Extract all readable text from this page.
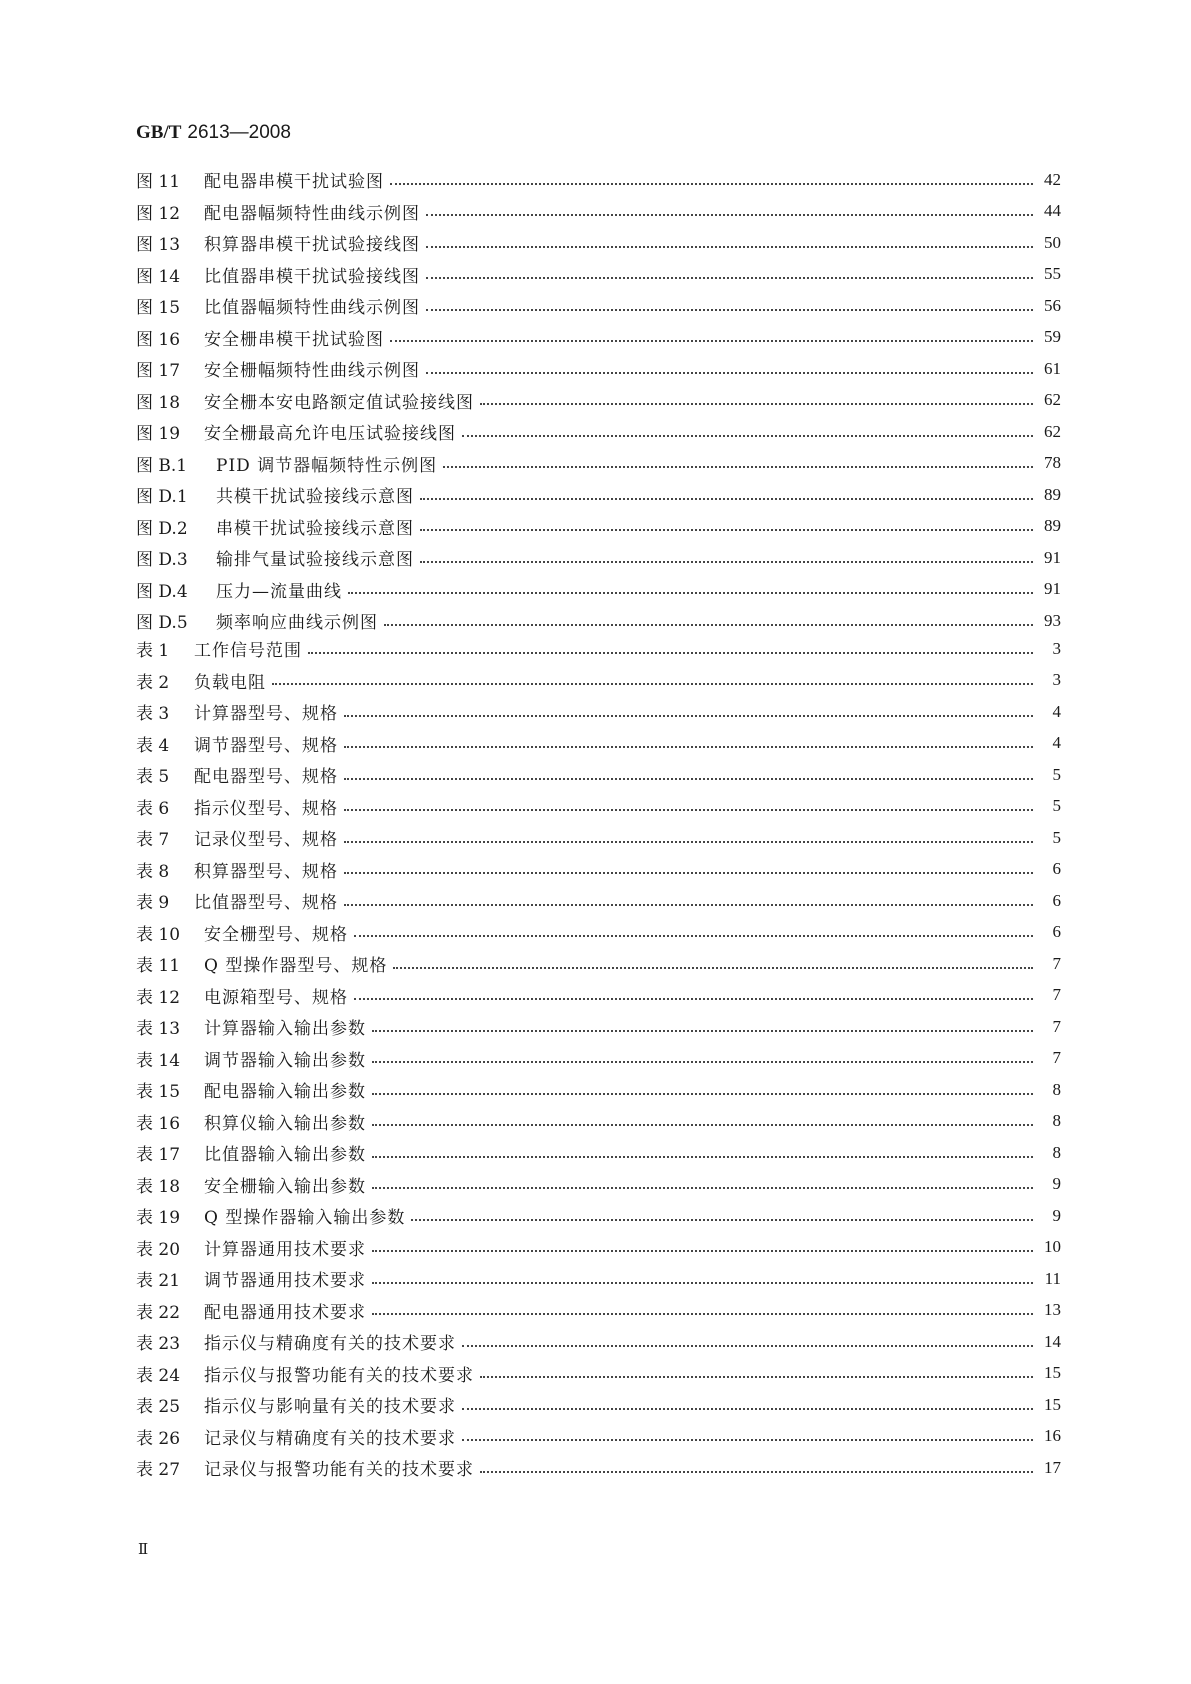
GB/T 2613—2008
图 11	配电器串模干扰试验图	42
图 12	配电器幅频特性曲线示例图	44
图 13	积算器串模干扰试验接线图	50
图 14	比值器串模干扰试验接线图	55
图 15	比值器幅频特性曲线示例图	56
图 16	安全栅串模干扰试验图	59
图 17	安全栅幅频特性曲线示例图	61
图 18	安全栅本安电路额定值试验接线图	62
图 19	安全栅最高允许电压试验接线图	62
图 B.1	PID 调节器幅频特性示例图	78
图 D.1	共模干扰试验接线示意图	89
图 D.2	串模干扰试验接线示意图	89
图 D.3	输排气量试验接线示意图	91
图 D.4	压力—流量曲线	91
图 D.5	频率响应曲线示例图	93
表 1	工作信号范围	3
表 2	负载电阻	3
表 3	计算器型号、规格	4
表 4	调节器型号、规格	4
表 5	配电器型号、规格	5
表 6	指示仪型号、规格	5
表 7	记录仪型号、规格	5
表 8	积算器型号、规格	6
表 9	比值器型号、规格	6
表 10	安全栅型号、规格	6
表 11	Q 型操作器型号、规格	7
表 12	电源箱型号、规格	7
表 13	计算器输入输出参数	7
表 14	调节器输入输出参数	7
表 15	配电器输入输出参数	8
表 16	积算仪输入输出参数	8
表 17	比值器输入输出参数	8
表 18	安全栅输入输出参数	9
表 19	Q 型操作器输入输出参数	9
表 20	计算器通用技术要求	10
表 21	调节器通用技术要求	11
表 22	配电器通用技术要求	13
表 23	指示仪与精确度有关的技术要求	14
表 24	指示仪与报警功能有关的技术要求	15
表 25	指示仪与影响量有关的技术要求	15
表 26	记录仪与精确度有关的技术要求	16
表 27	记录仪与报警功能有关的技术要求	17
Ⅱ
